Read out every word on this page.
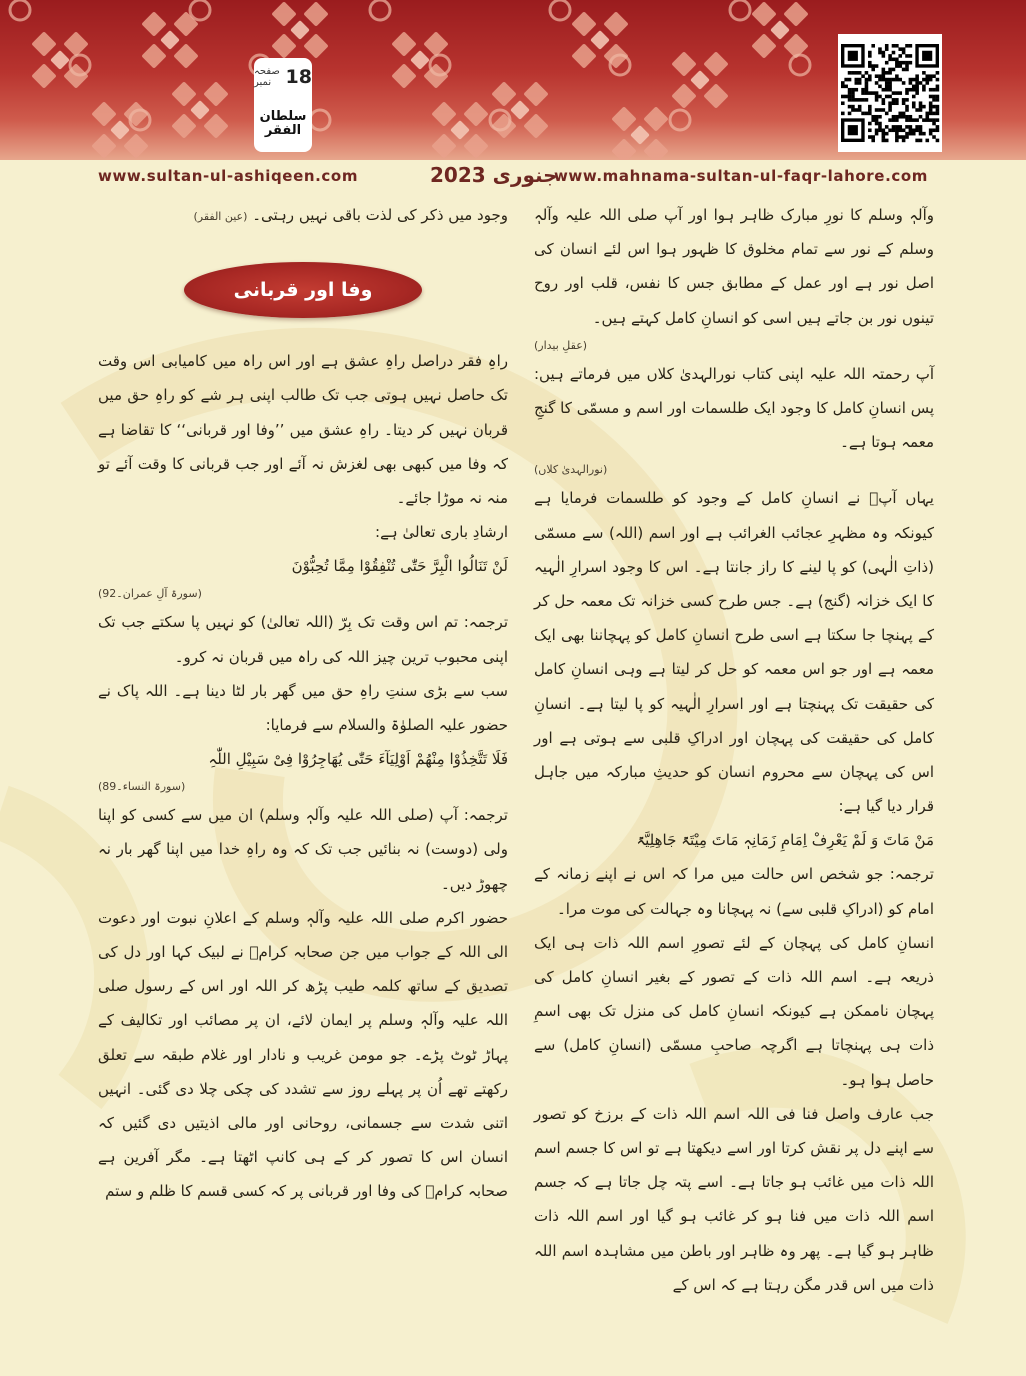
صفحہ نمبر 18
سلطان الفقر
www.sultan-ul-ashiqeen.com	جنوری 2023
www.mahnama-sultan-ul-faqr-lahore.com

وآلہٖ وسلم کا نورِ مبارک ظاہر ہوا اور آپ صلی اللہ علیہ وآلہٖ وسلم کے نور سے تمام مخلوق کا ظہور ہوا اس لئے انسان کی اصل نور ہے اور عمل کے مطابق جس کا نفس، قلب اور روح تینوں نور بن جاتے ہیں اسی کو انسانِ کامل کہتے ہیں۔

(عقلِ بیدار)

آپ رحمتہ اللہ علیہ اپنی کتاب نورالہدیٰ کلاں میں فرماتے ہیں: پس انسانِ کامل کا وجود ایک طلسمات اور اسم و مسمّی کا گنجِ معمہ ہوتا ہے۔

(نورالہدیٰ کلاں)

یہاں آپؒ نے انسانِ کامل کے وجود کو طلسمات فرمایا ہے کیونکہ وہ مظہرِ عجائب الغرائب ہے اور اسم (اللہ) سے مسمّی (ذاتِ الٰہی) کو پا لینے کا راز جانتا ہے۔ اس کا وجود اسرارِ الٰہیہ کا ایک خزانہ (گنج) ہے۔ جس طرح کسی خزانہ تک معمہ حل کر کے پہنچا جا سکتا ہے اسی طرح انسانِ کامل کو پہچاننا بھی ایک معمہ ہے اور جو اس معمہ کو حل کر لیتا ہے وہی انسانِ کامل کی حقیقت تک پہنچتا ہے اور اسرارِ الٰہیہ کو پا لیتا ہے۔ انسانِ کامل کی حقیقت کی پہچان اور ادراکِ قلبی سے ہوتی ہے اور اس کی پہچان سے محروم انسان کو حدیثِ مبارکہ میں جاہل قرار دیا گیا ہے:

مَنْ مَاتَ وَ لَمْ یَعْرِفْ اِمَامِ زَمَانِہٖ مَاتَ مِیْتَۃً جَاھِلِیَّۃً

ترجمہ: جو شخص اس حالت میں مرا کہ اس نے اپنے زمانہ کے امام کو (ادراکِ قلبی سے) نہ پہچانا وہ جہالت کی موت مرا۔

انسانِ کامل کی پہچان کے لئے تصورِ اسم اللہ ذات ہی ایک ذریعہ ہے۔ اسم اللہ ذات کے تصور کے بغیر انسانِ کامل کی پہچان ناممکن ہے کیونکہ انسانِ کامل کی منزل تک بھی اسمِ ذات ہی پہنچاتا ہے اگرچہ صاحبِ مسمّی (انسانِ کامل) سے حاصل ہوا ہو۔

جب عارف واصل فنا فی اللہ اسم اللہ ذات کے برزخ کو تصور سے اپنے دل پر نقش کرتا اور اسے دیکھتا ہے تو اس کا جسم اسم اللہ ذات میں غائب ہو جاتا ہے۔ اسے پتہ چل جاتا ہے کہ جسم اسم اللہ ذات میں فنا ہو کر غائب ہو گیا اور اسم اللہ ذات ظاہر ہو گیا ہے۔ پھر وہ ظاہر اور باطن میں مشاہدہ اسم اللہ ذات میں اس قدر مگن رہتا ہے کہ اس کے

وجود میں ذکر کی لذت باقی نہیں رہتی۔ (عین الفقر)

وفا اور قربانی

راہِ فقر دراصل راہِ عشق ہے اور اس راہ میں کامیابی اس وقت تک حاصل نہیں ہوتی جب تک طالب اپنی ہر شے کو راہِ حق میں قربان نہیں کر دیتا۔ راہِ عشق میں ’’وفا اور قربانی‘‘ کا تقاضا ہے کہ وفا میں کبھی بھی لغزش نہ آئے اور جب قربانی کا وقت آئے تو منہ نہ موڑا جائے۔

ارشادِ باری تعالیٰ ہے:

لَنْ تَنَالُوا الْبِرَّ حَتّٰی تُنْفِقُوْا مِمَّا تُحِبُّوْنَ

(سورۃ آلِ عمران۔92)

ترجمہ: تم اس وقت تک بِرّ (اللہ تعالیٰ) کو نہیں پا سکتے جب تک اپنی محبوب ترین چیز اللہ کی راہ میں قربان نہ کرو۔

سب سے بڑی سنتِ راہِ حق میں گھر بار لٹا دینا ہے۔ اللہ پاک نے حضور علیہ الصلوٰۃ والسلام سے فرمایا:

فَلَا تَتَّخِذُوْا مِنْھُمْ اَوْلِیَآءَ حَتّٰی یُھَاجِرُوْا فِیْ سَبِیْلِ اللّٰہِ

(سورۃ النساء۔89)

ترجمہ: آپ (صلی اللہ علیہ وآلہٖ وسلم) ان میں سے کسی کو اپنا ولی (دوست) نہ بنائیں جب تک کہ وہ راہِ خدا میں اپنا گھر بار نہ چھوڑ دیں۔

حضور اکرم صلی اللہ علیہ وآلہٖ وسلم کے اعلانِ نبوت اور دعوت الی اللہ کے جواب میں جن صحابہ کرامؓ نے لبیک کہا اور دل کی تصدیق کے ساتھ کلمہ طیب پڑھ کر اللہ اور اس کے رسول صلی اللہ علیہ وآلہٖ وسلم پر ایمان لائے، ان پر مصائب اور تکالیف کے پہاڑ ٹوٹ پڑے۔ جو مومن غریب و نادار اور غلام طبقہ سے تعلق رکھتے تھے اُن پر پہلے روز سے تشدد کی چکی چلا دی گئی۔ انہیں اتنی شدت سے جسمانی، روحانی اور مالی اذیتیں دی گئیں کہ انسان اس کا تصور کر کے ہی کانپ اٹھتا ہے۔ مگر آفرین ہے صحابہ کرامؓ کی وفا اور قربانی پر کہ کسی قسم کا ظلم و ستم
